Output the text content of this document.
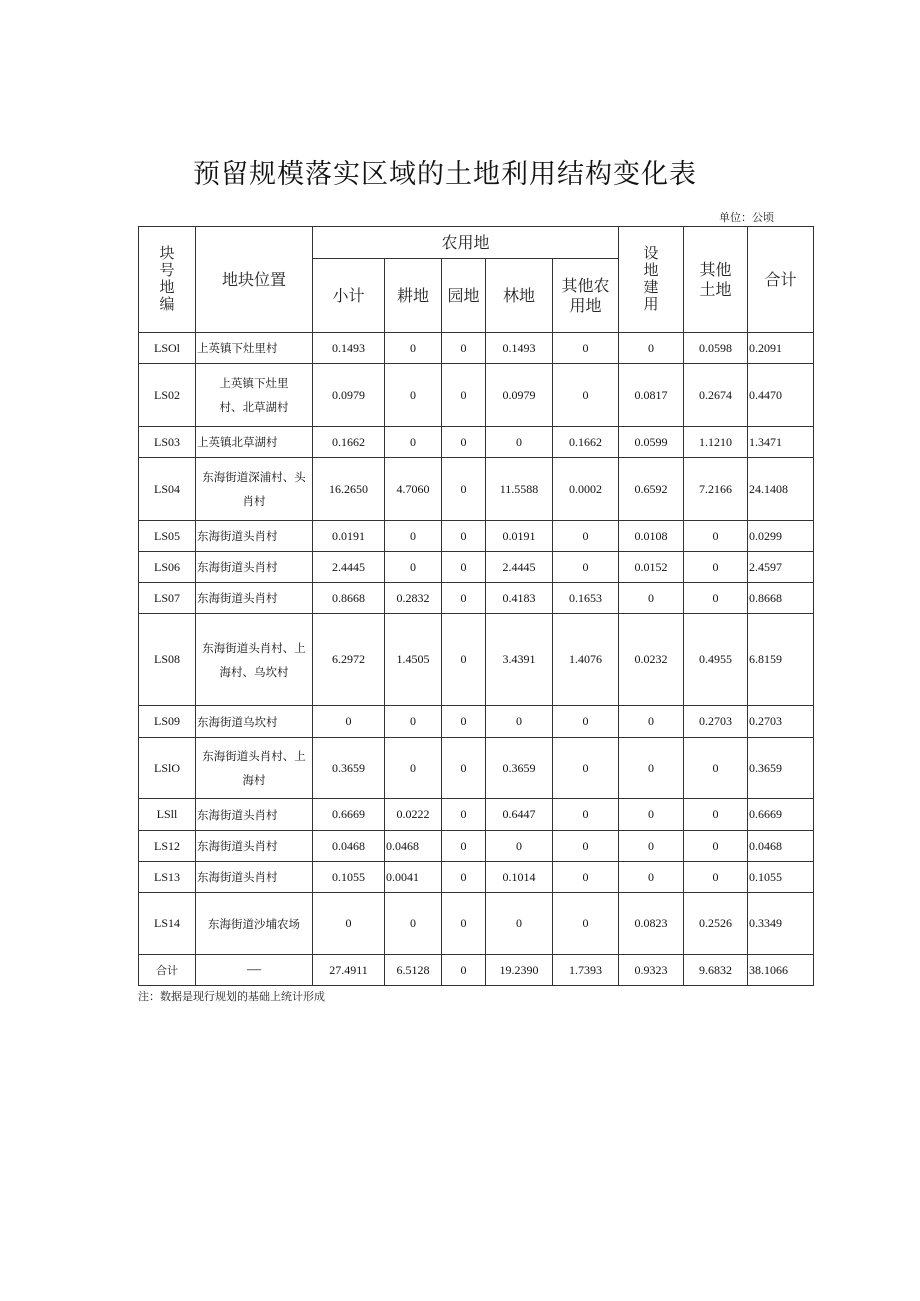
预留规模落实区域的土地利用结构变化表
单位：公顷
块号地编	地块位置	农用地					设地建用	其他土地	合计
		小计	耕地	园地	林地	其他农用地			
LSOl	上英镇下灶里村	0.1493	0	0	0.1493	0	0	0.0598	0.2091
LS02	上英镇下灶里村、北草湖村	0.0979	0	0	0.0979	0	0.0817	0.2674	0.4470
LS03	上英镇北草湖村	0.1662	0	0	0	0.1662	0.0599	1.1210	1.3471
LS04	东海街道深浦村、头肖村	16.2650	4.7060	0	11.5588	0.0002	0.6592	7.2166	24.1408
LS05	东海街道头肖村	0.0191	0	0	0.0191	0	0.0108	0	0.0299
LS06	东海街道头肖村	2.4445	0	0	2.4445	0	0.0152	0	2.4597
LS07	东海街道头肖村	0.8668	0.2832	0	0.4183	0.1653	0	0	0.8668
LS08	东海街道头肖村、上海村、乌坎村	6.2972	1.4505	0	3.4391	1.4076	0.0232	0.4955	6.8159
LS09	东海街道乌坎村	0	0	0	0	0	0	0.2703	0.2703
LSlO	东海街道头肖村、上海村	0.3659	0	0	0.3659	0	0	0	0.3659
LSll	东海街道头肖村	0.6669	0.0222	0	0.6447	0	0	0	0.6669
LS12	东海街道头肖村	0.0468	0.0468	0	0	0	0	0	0.0468
LS13	东海街道头肖村	0.1055	0.0041	0	0.1014	0	0	0	0.1055
LS14	东海街道沙埔农场	0	0	0	0	0	0.0823	0.2526	0.3349
合计	—	27.4911	6.5128	0	19.2390	1.7393	0.9323	9.6832	38.1066
注：数据是现行规划的基础上统计形成
